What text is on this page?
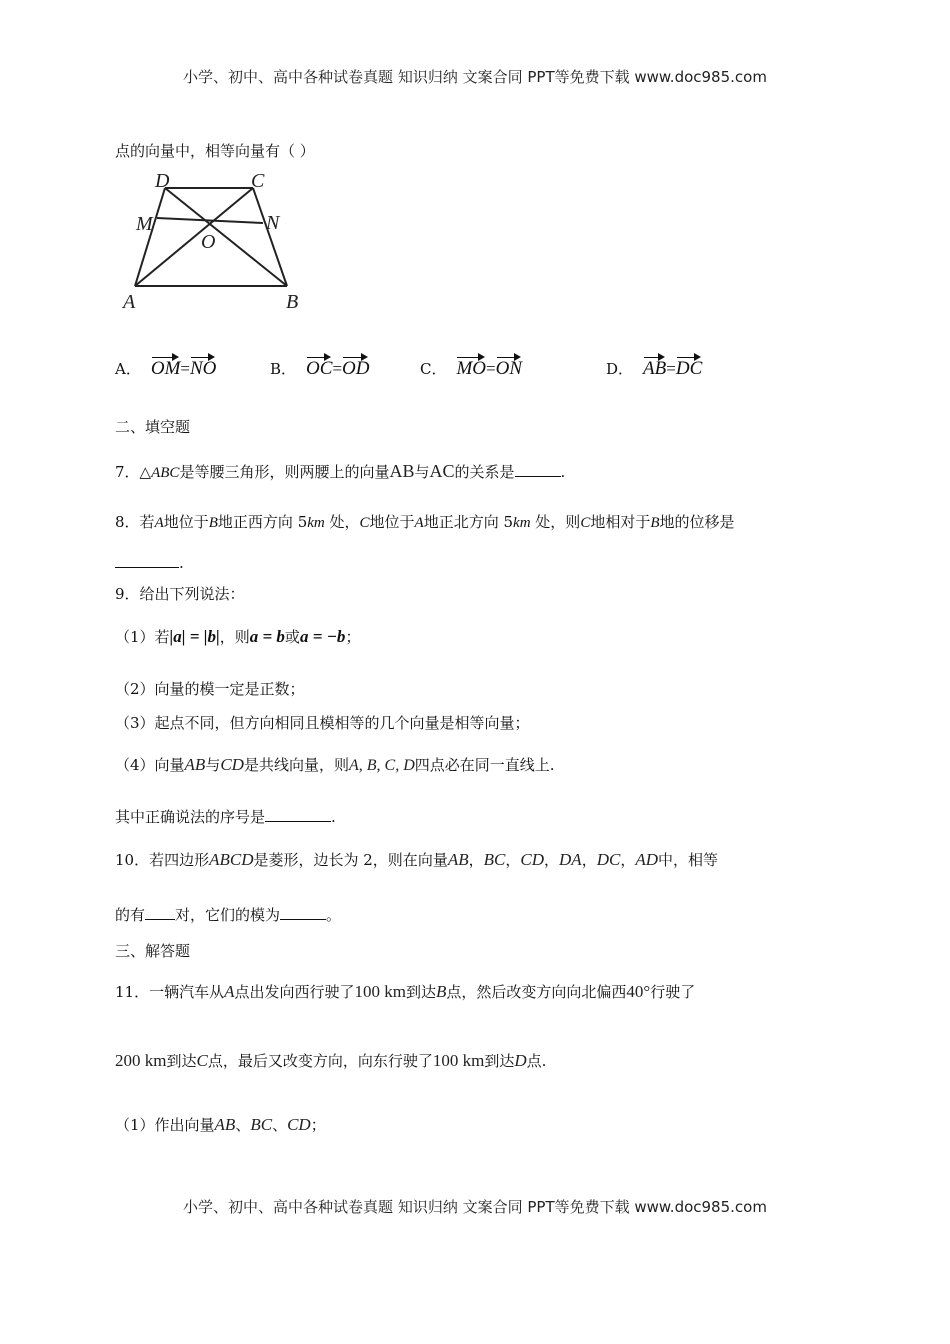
小学、初中、高中各种试卷真题 知识归纳 文案合同 PPT等免费下载 www.doc985.com
点的向量中，相等向量有（ ）
D	C
M	N
O
A	B
A． OM=NO	B． OC=OD	C． MO=ON	D． AB=DC
二、填空题
7．△ABC是等腰三角形，则两腰上的向量AB与AC的关系是	.
8．若A地位于B地正西方向 5km 处，C地位于A地正北方向 5km 处，则C地相对于B地的位移是
.
9．给出下列说法：
（1）若|a| = |b|，则a = b或a = −b；
（2）向量的模一定是正数；
（3）起点不同，但方向相同且模相等的几个向量是相等向量；
（4）向量AB与CD是共线向量，则A, B, C, D四点必在同一直线上.
其中正确说法的序号是	.
10．若四边形ABCD是菱形，边长为 2，则在向量AB，BC，CD，DA，DC，AD中，相等
的有 对，它们的模为	。
三、解答题
11．一辆汽车从A点出发向西行驶了100 km到达B点，然后改变方向向北偏西40°行驶了
200 km到达C点，最后又改变方向，向东行驶了100 km到达D点.
（1）作出向量AB、BC、CD；
小学、初中、高中各种试卷真题 知识归纳 文案合同 PPT等免费下载 www.doc985.com
